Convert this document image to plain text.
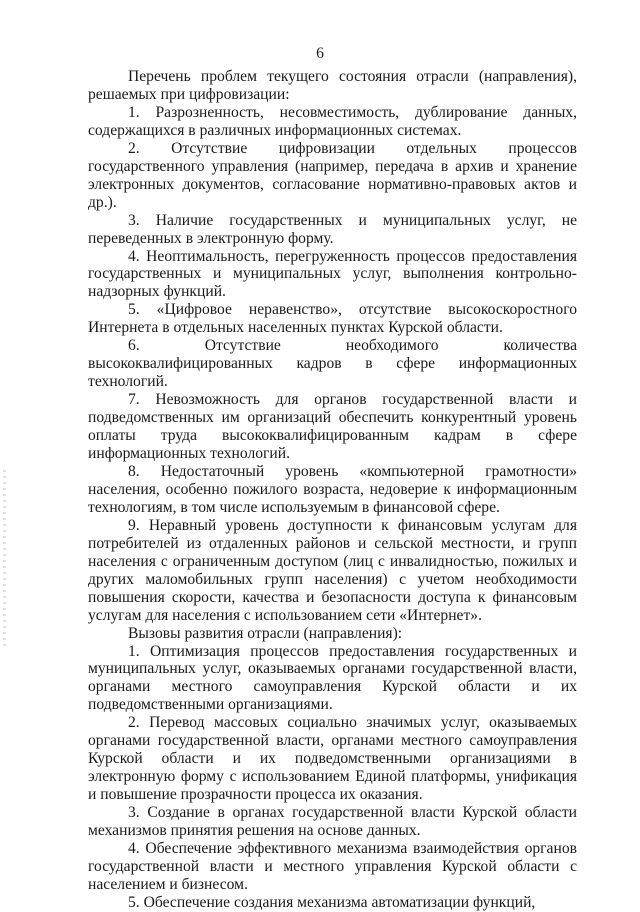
6

Перечень проблем текущего состояния отрасли (направления), решаемых при цифровизации:

1. Разрозненность, несовместимость, дублирование данных, содержащихся в различных информационных системах.

2. Отсутствие цифровизации отдельных процессов государственного управления (например, передача в архив и хранение электронных документов, согласование нормативно-правовых актов и др.).

3. Наличие государственных и муниципальных услуг, не переведенных в электронную форму.

4. Неоптимальность, перегруженность процессов предоставления государственных и муниципальных услуг, выполнения контрольно-надзорных функций.

5. «Цифровое неравенство», отсутствие высокоскоростного Интернета в отдельных населенных пунктах Курской области.

6. Отсутствие необходимого количества высококвалифицированных кадров в сфере информационных технологий.

7. Невозможность для органов государственной власти и подведомственных им организаций обеспечить конкурентный уровень оплаты труда высококвалифицированным кадрам в сфере информационных технологий.

8. Недостаточный уровень «компьютерной грамотности» населения, особенно пожилого возраста, недоверие к информационным технологиям, в том числе используемым в финансовой сфере.

9. Неравный уровень доступности к финансовым услугам для потребителей из отдаленных районов и сельской местности, и групп населения с ограниченным доступом (лиц с инвалидностью, пожилых и других маломобильных групп населения) с учетом необходимости повышения скорости, качества и безопасности доступа к финансовым услугам для населения с использованием сети «Интернет».

Вызовы развития отрасли (направления):

1. Оптимизация процессов предоставления государственных и муниципальных услуг, оказываемых органами государственной власти, органами местного самоуправления Курской области и их подведомственными организациями.

2. Перевод массовых социально значимых услуг, оказываемых органами государственной власти, органами местного самоуправления Курской области и их подведомственными организациями в электронную форму с использованием Единой платформы, унификация и повышение прозрачности процесса их оказания.

3. Создание в органах государственной власти Курской области механизмов принятия решения на основе данных.

4. Обеспечение эффективного механизма взаимодействия органов государственной власти и местного управления Курской области с населением и бизнесом.

5. Обеспечение создания механизма автоматизации функций,
